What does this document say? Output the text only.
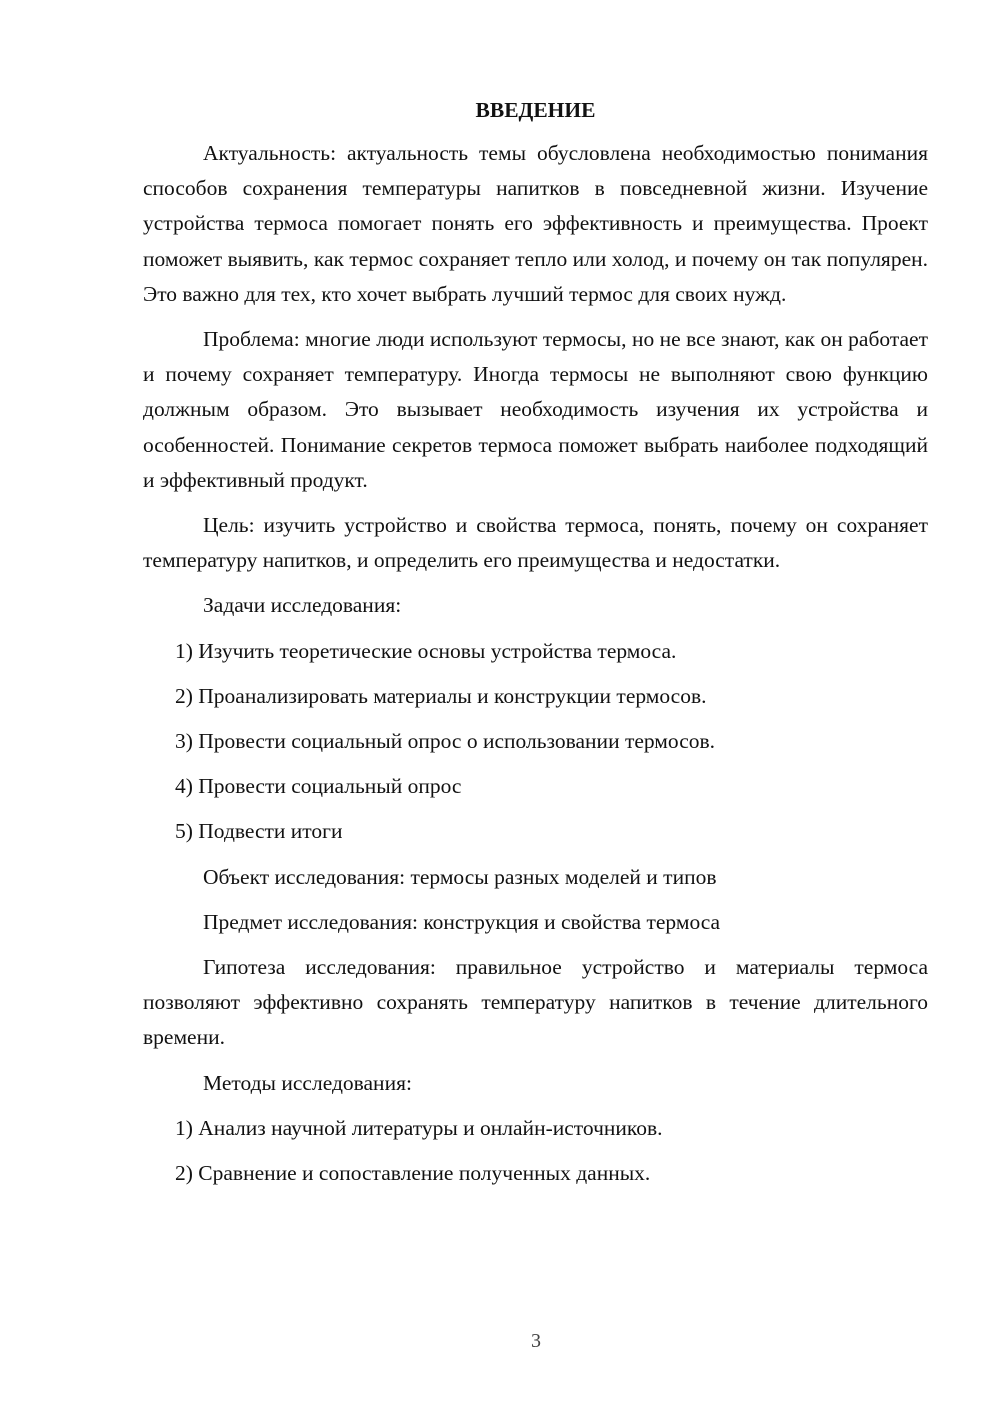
ВВЕДЕНИЕ
Актуальность: актуальность темы обусловлена необходимостью понимания способов сохранения температуры напитков в повседневной жизни. Изучение устройства термоса помогает понять его эффективность и преимущества. Проект поможет выявить, как термос сохраняет тепло или холод, и почему он так популярен. Это важно для тех, кто хочет выбрать лучший термос для своих нужд.
Проблема: многие люди используют термосы, но не все знают, как он работает и почему сохраняет температуру. Иногда термосы не выполняют свою функцию должным образом. Это вызывает необходимость изучения их устройства и особенностей. Понимание секретов термоса поможет выбрать наиболее подходящий и эффективный продукт.
Цель: изучить устройство и свойства термоса, понять, почему он сохраняет температуру напитков, и определить его преимущества и недостатки.
Задачи исследования:
1) Изучить теоретические основы устройства термоса.
2) Проанализировать материалы и конструкции термосов.
3) Провести социальный опрос о использовании термосов.
4) Провести социальный опрос
5) Подвести итоги
Объект исследования: термосы разных моделей и типов
Предмет исследования: конструкция и свойства термоса
Гипотеза исследования: правильное устройство и материалы термоса позволяют эффективно сохранять температуру напитков в течение длительного времени.
Методы исследования:
1) Анализ научной литературы и онлайн-источников.
2) Сравнение и сопоставление полученных данных.
3
